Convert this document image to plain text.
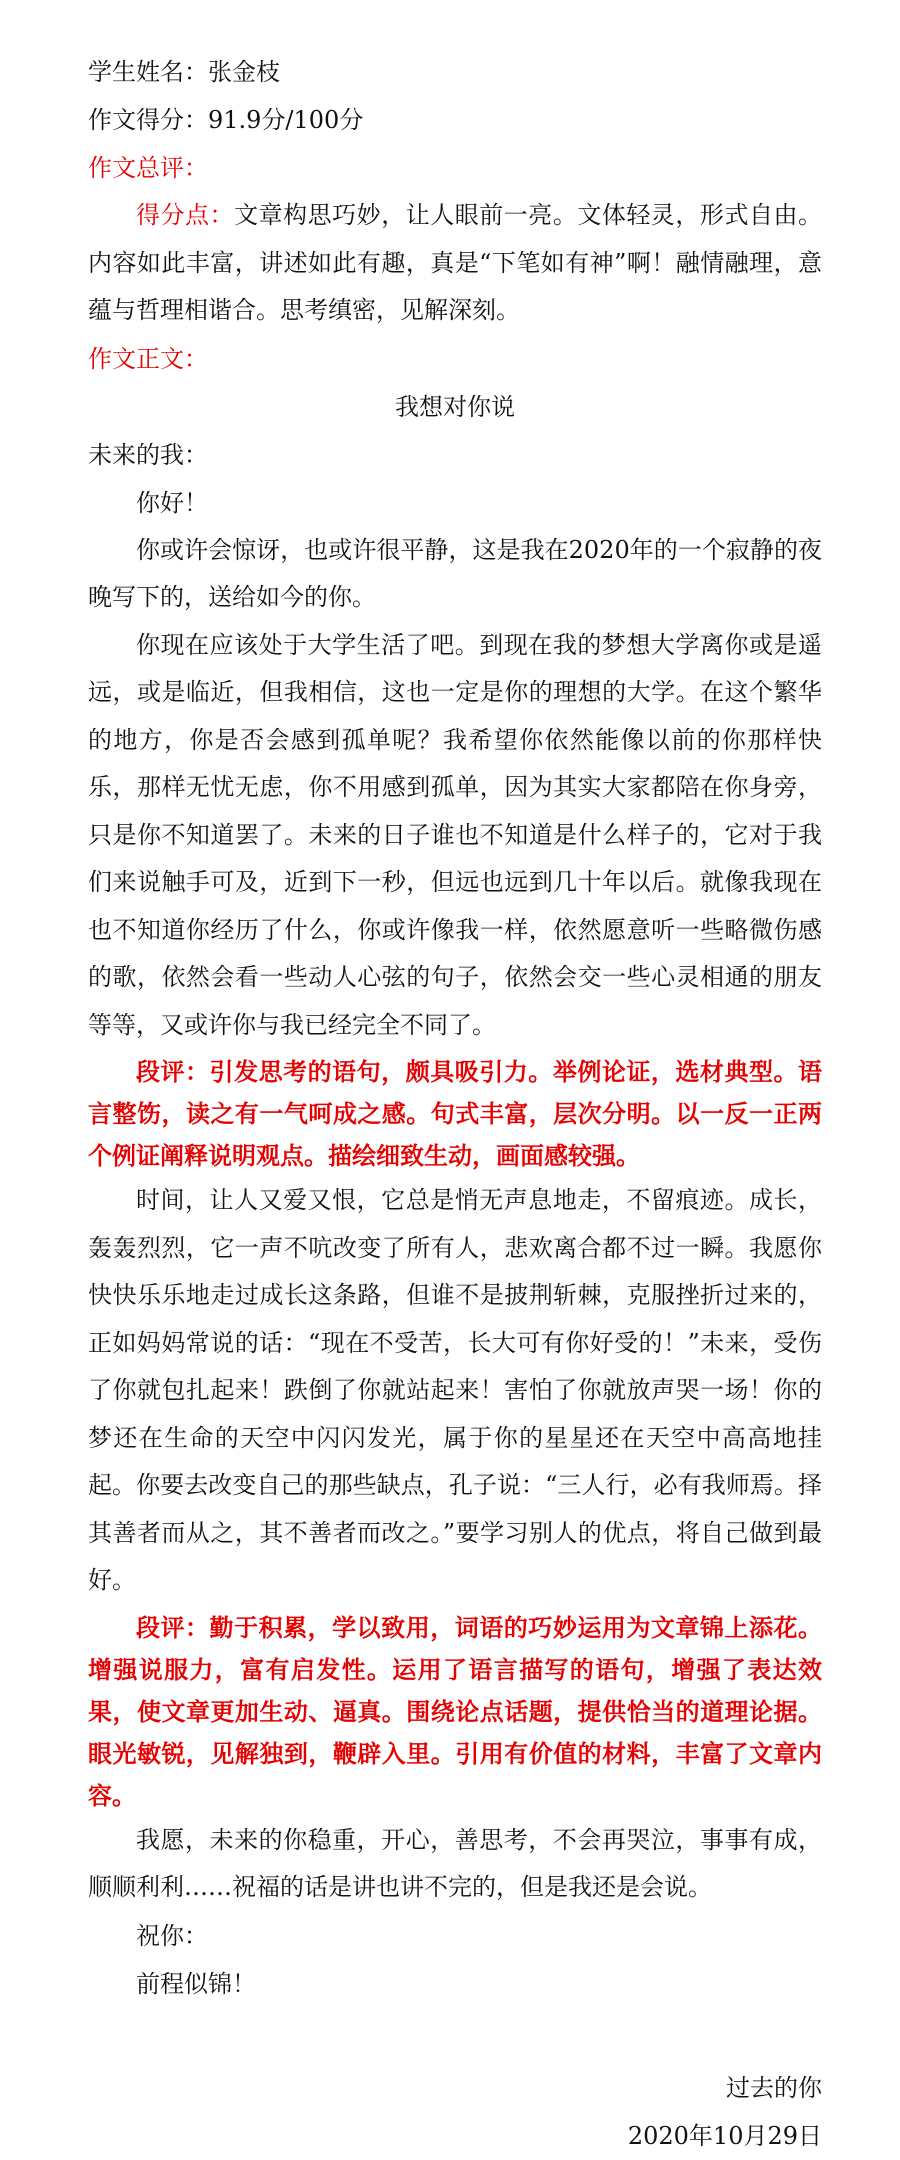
学生姓名：张金枝
作文得分：91.9分/100分
作文总评：

得分点：文章构思巧妙，让人眼前一亮。文体轻灵，形式自由。内容如此丰富，讲述如此有趣，真是“下笔如有神”啊！融情融理，意蕴与哲理相谐合。思考缜密，见解深刻。

作文正文：
我想对你说
未来的我：
你好！

你或许会惊讶，也或许很平静，这是我在2020年的一个寂静的夜晚写下的，送给如今的你。

你现在应该处于大学生活了吧。到现在我的梦想大学离你或是遥远，或是临近，但我相信，这也一定是你的理想的大学。在这个繁华的地方，你是否会感到孤单呢？我希望你依然能像以前的你那样快乐，那样无忧无虑，你不用感到孤单，因为其实大家都陪在你身旁，只是你不知道罢了。未来的日子谁也不知道是什么样子的，它对于我们来说触手可及，近到下一秒，但远也远到几十年以后。就像我现在也不知道你经历了什么，你或许像我一样，依然愿意听一些略微伤感的歌，依然会看一些动人心弦的句子，依然会交一些心灵相通的朋友等等，又或许你与我已经完全不同了。

段评：引发思考的语句，颇具吸引力。举例论证，选材典型。语言整饬，读之有一气呵成之感。句式丰富，层次分明。以一反一正两个例证阐释说明观点。描绘细致生动，画面感较强。

时间，让人又爱又恨，它总是悄无声息地走，不留痕迹。成长，轰轰烈烈，它一声不吭改变了所有人，悲欢离合都不过一瞬。我愿你快快乐乐地走过成长这条路，但谁不是披荆斩棘，克服挫折过来的，正如妈妈常说的话：“现在不受苦，长大可有你好受的！”未来，受伤了你就包扎起来！跌倒了你就站起来！害怕了你就放声哭一场！你的梦还在生命的天空中闪闪发光，属于你的星星还在天空中高高地挂起。你要去改变自己的那些缺点，孔子说：“三人行，必有我师焉。择其善者而从之，其不善者而改之。”要学习别人的优点，将自己做到最好。

段评：勤于积累，学以致用，词语的巧妙运用为文章锦上添花。增强说服力，富有启发性。运用了语言描写的语句，增强了表达效果，使文章更加生动、逼真。围绕论点话题，提供恰当的道理论据。眼光敏锐，见解独到，鞭辟入里。引用有价值的材料，丰富了文章内容。

我愿，未来的你稳重，开心，善思考，不会再哭泣，事事有成，顺顺利利……祝福的话是讲也讲不完的，但是我还是会说。

祝你：
前程似锦！
过去的你
2020年10月29日
